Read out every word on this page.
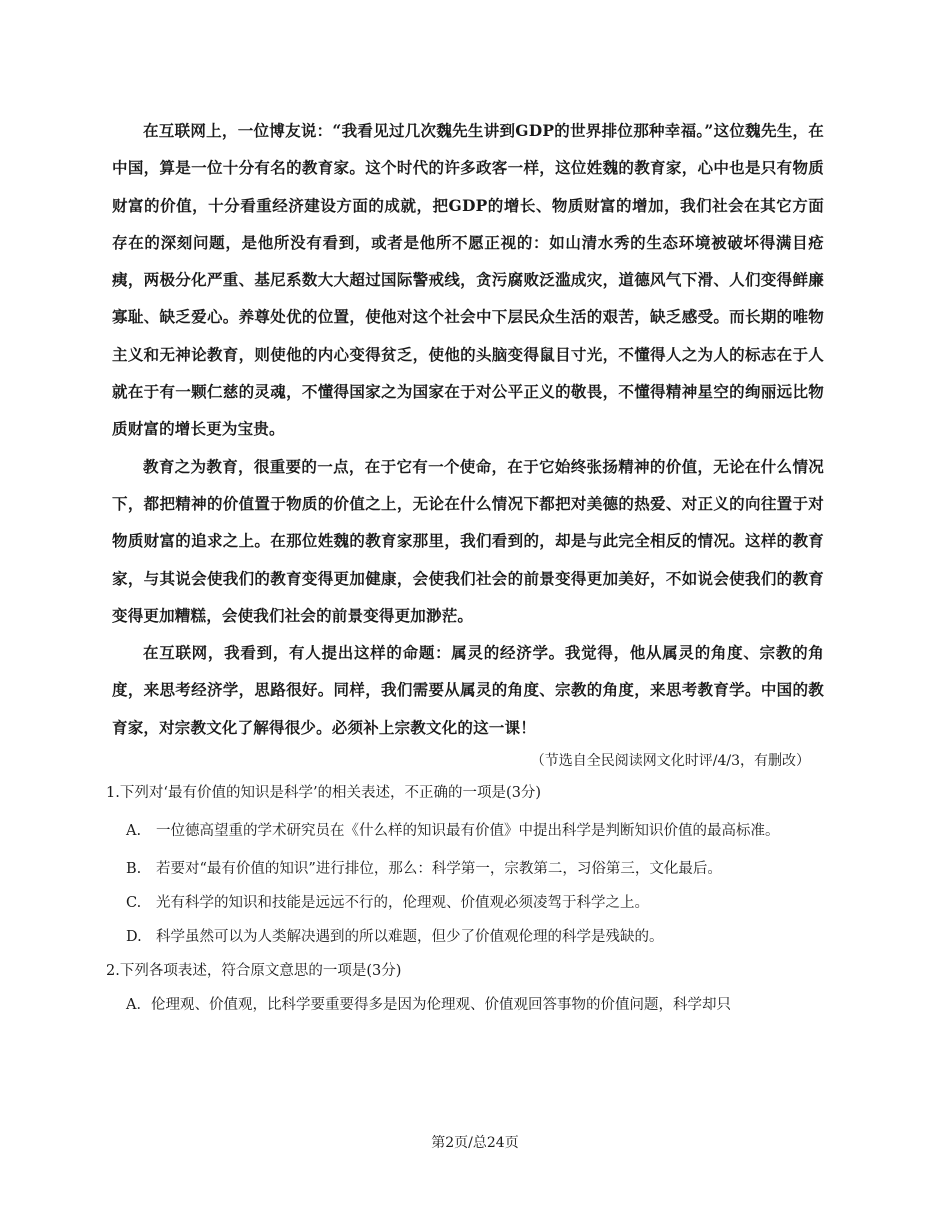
在互联网上，一位博友说：“我看见过几次魏先生讲到GDP的世界排位那种幸福。”这位魏先生，在中国，算是一位十分有名的教育家。这个时代的许多政客一样，这位姓魏的教育家，心中也是只有物质财富的价值，十分看重经济建设方面的成就，把GDP的增长、物质财富的增加，我们社会在其它方面存在的深刻问题，是他所没有看到，或者是他所不愿正视的：如山清水秀的生态环境被破坏得满目疮痍，两极分化严重、基尼系数大大超过国际警戒线，贪污腐败泛滥成灾，道德风气下滑、人们变得鲜廉寡耻、缺乏爱心。养尊处优的位置，使他对这个社会中下层民众生活的艰苦，缺乏感受。而长期的唯物主义和无神论教育，则使他的内心变得贫乏，使他的头脑变得鼠目寸光，不懂得人之为人的标志在于人就在于有一颗仁慈的灵魂，不懂得国家之为国家在于对公平正义的敬畏，不懂得精神星空的绚丽远比物质财富的增长更为宝贵。

教育之为教育，很重要的一点，在于它有一个使命，在于它始终张扬精神的价值，无论在什么情况下，都把精神的价值置于物质的价值之上，无论在什么情况下都把对美德的热爱、对正义的向往置于对物质财富的追求之上。在那位姓魏的教育家那里，我们看到的，却是与此完全相反的情况。这样的教育家，与其说会使我们的教育变得更加健康，会使我们社会的前景变得更加美好，不如说会使我们的教育变得更加糟糕，会使我们社会的前景变得更加渺茫。

在互联网，我看到，有人提出这样的命题：属灵的经济学。我觉得，他从属灵的角度、宗教的角度，来思考经济学，思路很好。同样，我们需要从属灵的角度、宗教的角度，来思考教育学。中国的教育家，对宗教文化了解得很少。必须补上宗教文化的这一课！

（节选自全民阅读网文化时评/4/3，有删改）

1.下列对‘最有价值的知识是科学’的相关表述，不正确的一项是(3分)

A. 一位德高望重的学术研究员在《什么样的知识最有价值》中提出科学是判断知识价值的最高标准。

B. 若要对“最有价值的知识”进行排位，那么：科学第一，宗教第二，习俗第三，文化最后。

C. 光有科学的知识和技能是远远不行的，伦理观、价值观必须凌驾于科学之上。

D. 科学虽然可以为人类解决遇到的所以难题，但少了价值观伦理的科学是残缺的。

2.下列各项表述，符合原文意思的一项是(3分)

A．伦理观、价值观，比科学要重要得多是因为伦理观、价值观回答事物的价值问题，科学却只

第2页/总24页
